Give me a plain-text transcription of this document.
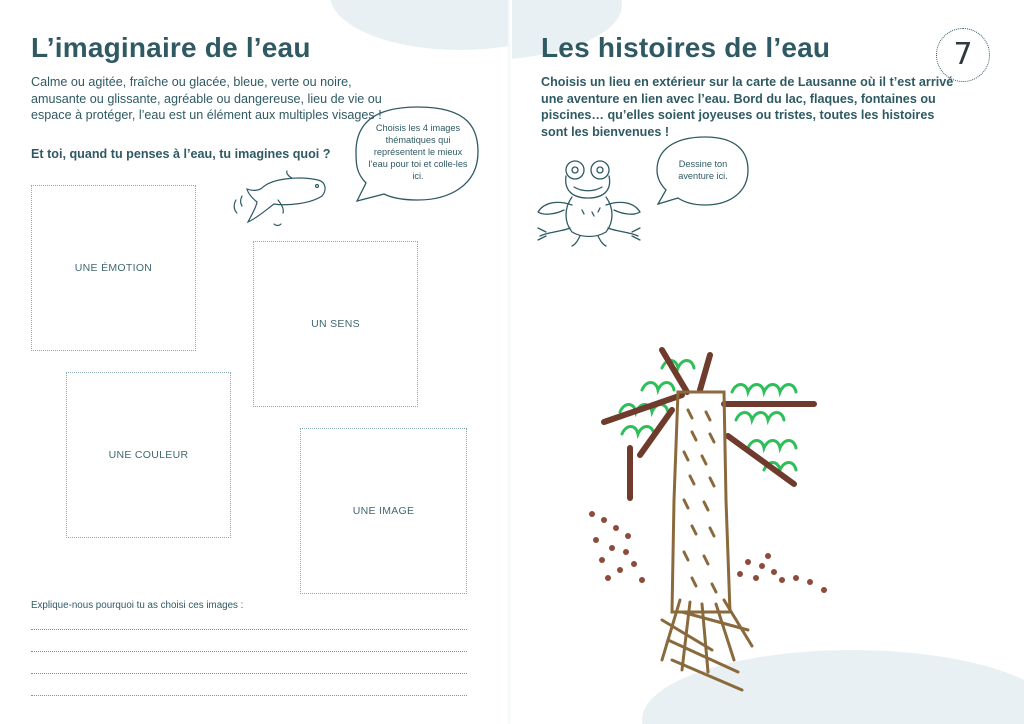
L’imaginaire de l’eau

Calme ou agitée, fraîche ou glacée, bleue, verte ou noire, amusante ou glissante, agréable ou dangereuse, lieu de vie ou espace à protéger, l’eau est un élément aux multiples visages !

Et toi, quand tu penses à l’eau, tu imagines quoi ?

UNE ÉMOTION
UN SENS
UNE COULEUR
UNE IMAGE
Choisis les 4 images thématiques qui représentent le mieux l’eau pour toi et colle-les ici.
Explique-nous pourquoi tu as choisi ces images :
Les histoires de l’eau

Choisis un lieu en extérieur sur la carte de Lausanne où il t’est arrivé une aventure en lien avec l’eau. Bord du lac, flaques, fontaines ou piscines… qu’elles soient joyeuses ou tristes, toutes les histoires sont les bienvenues !

Dessine ton aventure ici.
7
